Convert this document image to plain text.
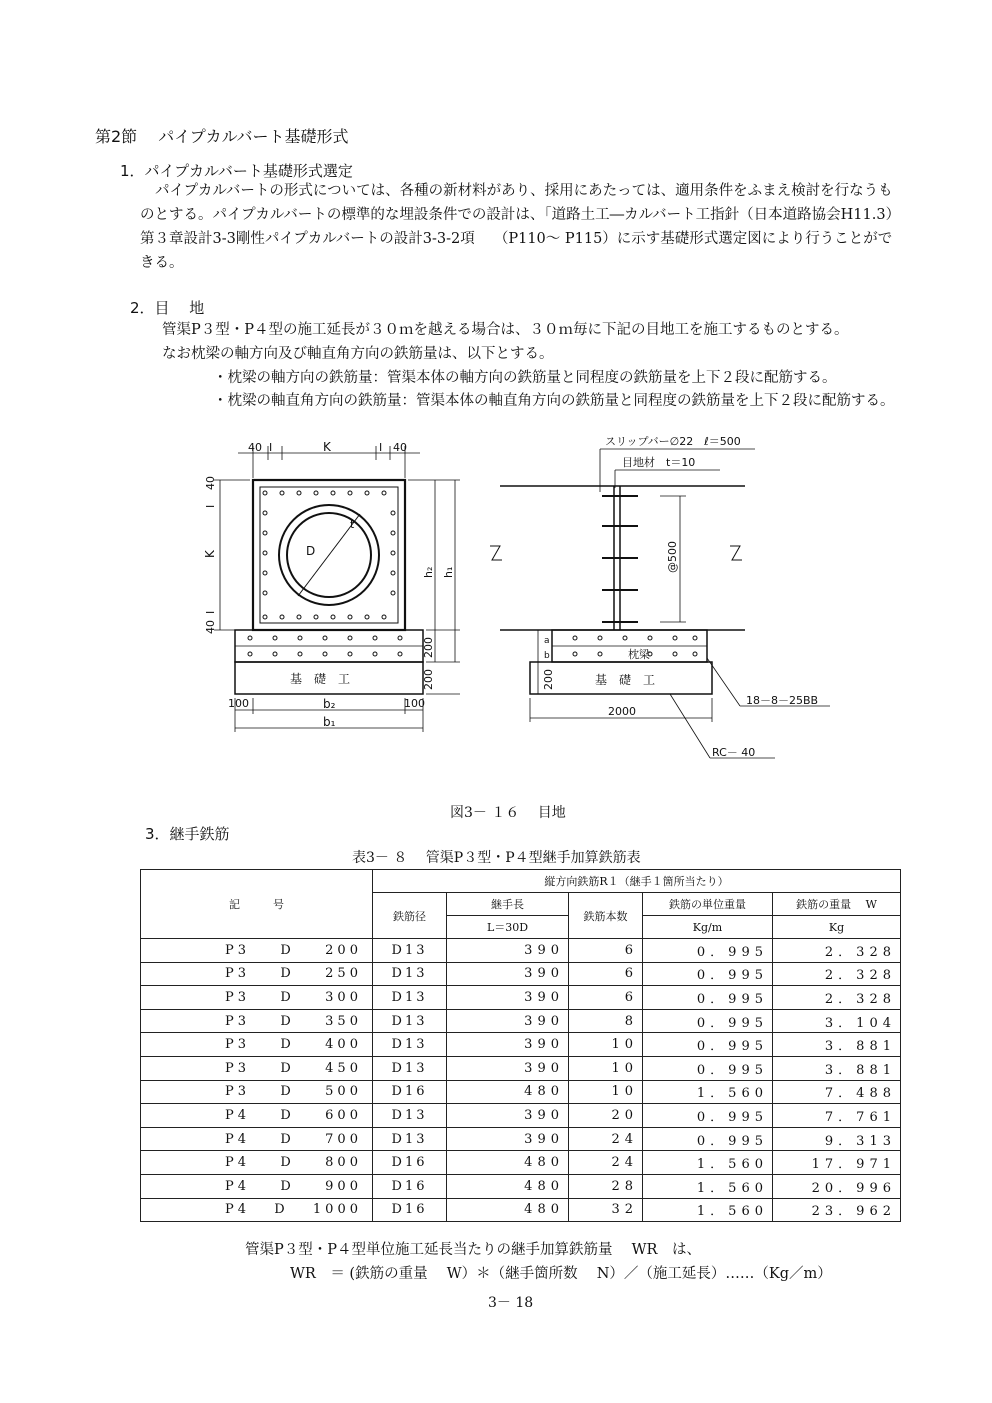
第2節　 パイプカルバート基礎形式
1．パイプカルバート基礎形式選定
パイプカルバートの形式については、各種の新材料があり、採用にあたっては、適用条件をふまえ検討を行なうも
のとする。パイプカルバートの標準的な埋設条件での設計は、「道路土工―カルバート工指針（日本道路協会H11.3）
第３章設計3-3剛性パイプカルバートの設計3-3-2項　 （P110～ P115）に示す基礎形式選定図により行うことがで
きる。
2．目　 地
管渠P３型・P４型の施工延長が３０ｍを越える場合は、３０ｍ毎に下記の目地工を施工するものとする。
なお枕梁の軸方向及び軸直角方向の鉄筋量は、以下とする。
・枕梁の軸方向の鉄筋量：管渠本体の軸方向の鉄筋量と同程度の鉄筋量を上下２段に配筋する。
・枕梁の軸直角方向の鉄筋量：管渠本体の軸直角方向の鉄筋量と同程度の鉄筋量を上下２段に配筋する。
40 I	K	I 40
40
I
K
I
40
D
t
h₂ h₁
200
200
基　礎　工
100	100
b₂
b₁
スリップバー∅22　ℓ＝500
目地材　t＝10
@500
a
b
200
枕梁
基　礎　工
2000
18－8－25BB
RC－ 40
図3－ １６　 目地
3．継手鉄筋
表3－ ８　 管渠P３型・P４型継手加算鉄筋表
記　　　号	縦方向鉄筋R１（継手１箇所当たり）				
	鉄筋径	継手長	鉄筋本数	鉄筋の単位重量	鉄筋の重量　 W
		L＝30D		Kg/m	Kg

P3 D 200	D13	390	6	0．995	2．328

P3 D 250	D13	390	6	0．995	2．328

P3 D 300	D13	390	6	0．995	2．328

P3 D 350	D13	390	8	0．995	3．104

P3 D 400	D13	390	10	0．995	3．881

P3 D 450	D13	390	10	0．995	3．881

P3 D 500	D16	480	10	1．560	7．488

P4 D 600	D13	390	20	0．995	7．761

P4 D 700	D13	390	24	0．995	9．313

P4 D 800	D16	480	24	1．560	17．971

P4 D 900	D16	480	28	1．560	20．996

P4 D 1000	D16	480	32	1．560	23．962
管渠P３型・P４型単位施工延長当たりの継手加算鉄筋量　 WR　は、
WR　＝ (鉄筋の重量　 W）＊（継手箇所数　 N）／（施工延長）……（Kg／m）
3－ 18
